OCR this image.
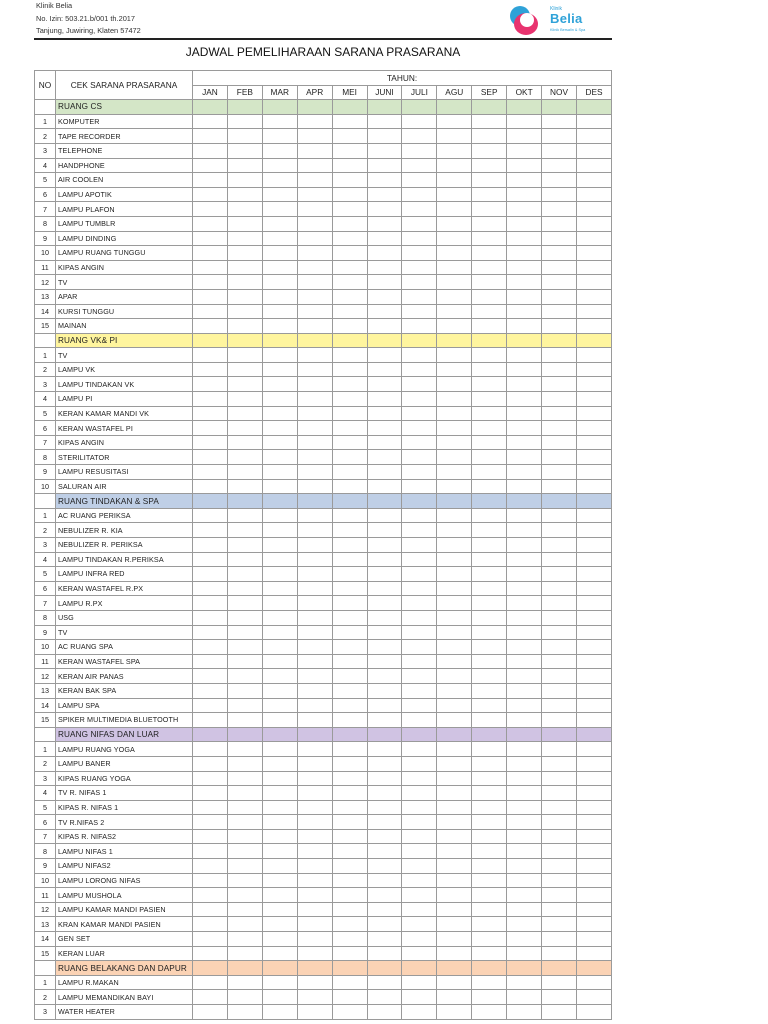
Klinik Belia
No. Izin: 503.21.b/001 th.2017
Tanjung, Juwiring, Klaten 57472
Klinik
Belia
Klinik Bersalin & Spa
JADWAL PEMELIHARAAN SARANA PRASARANA
NO	CEK SARANA PRASARANA	TAHUN:											
		JAN	FEB	MAR	APR	MEI	JUNI	JULI	AGU	SEP	OKT	NOV	DES
	RUANG CS												
1	KOMPUTER												
2	TAPE RECORDER												
3	TELEPHONE												
4	HANDPHONE												
5	AIR COOLEN												
6	LAMPU APOTIK												
7	LAMPU PLAFON												
8	LAMPU TUMBLR												
9	LAMPU DINDING												
10	LAMPU RUANG TUNGGU												
11	KIPAS ANGIN												
12	TV												
13	APAR												
14	KURSI TUNGGU												
15	MAINAN												
	RUANG VK& PI												
1	TV												
2	LAMPU VK												
3	LAMPU TINDAKAN VK												
4	LAMPU PI												
5	KERAN KAMAR MANDI VK												
6	KERAN WASTAFEL PI												
7	KIPAS ANGIN												
8	STERILITATOR												
9	LAMPU RESUSITASI												
10	SALURAN AIR												
	RUANG TINDAKAN & SPA												
1	AC RUANG PERIKSA												
2	NEBULIZER R. KIA												
3	NEBULIZER R. PERIKSA												
4	LAMPU TINDAKAN R.PERIKSA												
5	LAMPU INFRA RED												
6	KERAN WASTAFEL R.PX												
7	LAMPU R.PX												
8	USG												
9	TV												
10	AC RUANG SPA												
11	KERAN WASTAFEL SPA												
12	KERAN AIR PANAS												
13	KERAN BAK SPA												
14	LAMPU SPA												
15	SPIKER MULTIMEDIA BLUETOOTH												
	RUANG NIFAS DAN LUAR												
1	LAMPU RUANG YOGA												
2	LAMPU BANER												
3	KIPAS RUANG YOGA												
4	TV R. NIFAS 1												
5	KIPAS R. NIFAS 1												
6	TV R.NIFAS 2												
7	KIPAS R. NIFAS2												
8	LAMPU NIFAS 1												
9	LAMPU NIFAS2												
10	LAMPU LORONG NIFAS												
11	LAMPU MUSHOLA												
12	LAMPU KAMAR MANDI PASIEN												
13	KRAN KAMAR MANDI PASIEN												
14	GEN SET												
15	KERAN LUAR												
	RUANG BELAKANG DAN DAPUR												
1	LAMPU R.MAKAN												
2	LAMPU MEMANDIKAN BAYI												
3	WATER HEATER												
